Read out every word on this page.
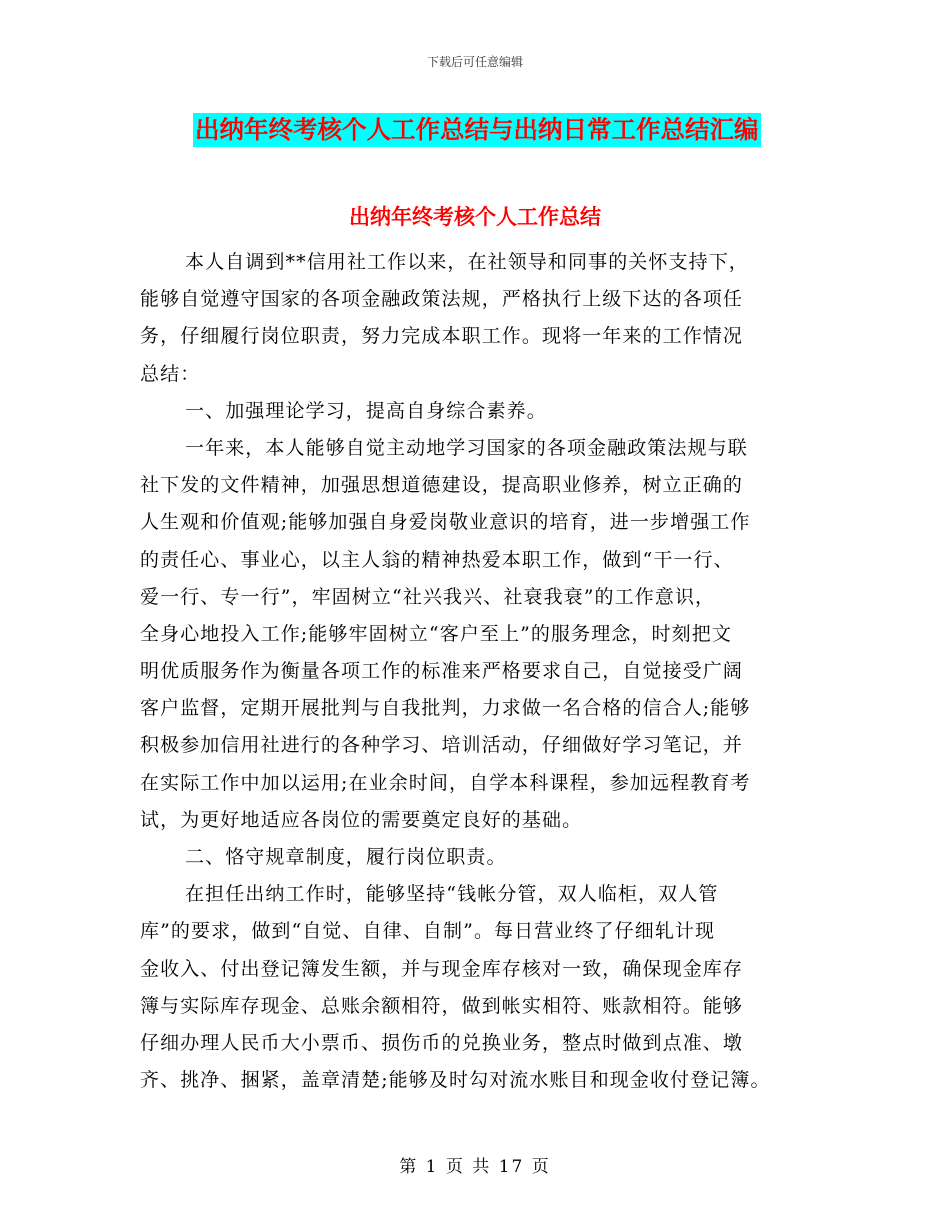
下载后可任意编辑
出纳年终考核个人工作总结与出纳日常工作总结汇编
出纳年终考核个人工作总结
本人自调到**信用社工作以来，在社领导和同事的关怀支持下，
能够自觉遵守国家的各项金融政策法规，严格执行上级下达的各项任
务，仔细履行岗位职责，努力完成本职工作。现将一年来的工作情况
总结：
一、加强理论学习，提高自身综合素养。
一年来，本人能够自觉主动地学习国家的各项金融政策法规与联
社下发的文件精神，加强思想道德建设，提高职业修养，树立正确的
人生观和价值观;能够加强自身爱岗敬业意识的培育，进一步增强工作
的责任心、事业心，以主人翁的精神热爱本职工作，做到“干一行、
爱一行、专一行”，牢固树立“社兴我兴、社衰我衰”的工作意识，
全身心地投入工作;能够牢固树立“客户至上”的服务理念，时刻把文
明优质服务作为衡量各项工作的标准来严格要求自己，自觉接受广阔
客户监督，定期开展批判与自我批判，力求做一名合格的信合人;能够
积极参加信用社进行的各种学习、培训活动，仔细做好学习笔记，并
在实际工作中加以运用;在业余时间，自学本科课程，参加远程教育考
试，为更好地适应各岗位的需要奠定良好的基础。
二、恪守规章制度，履行岗位职责。
在担任出纳工作时，能够坚持“钱帐分管，双人临柜，双人管
库”的要求，做到“自觉、自律、自制”。每日营业终了仔细轧计现
金收入、付出登记簿发生额，并与现金库存核对一致，确保现金库存
簿与实际库存现金、总账余额相符，做到帐实相符、账款相符。能够
仔细办理人民币大小票币、损伤币的兑换业务，整点时做到点准、墩
齐、挑净、捆紧，盖章清楚;能够及时勾对流水账目和现金收付登记簿。
第 1 页 共 17 页
